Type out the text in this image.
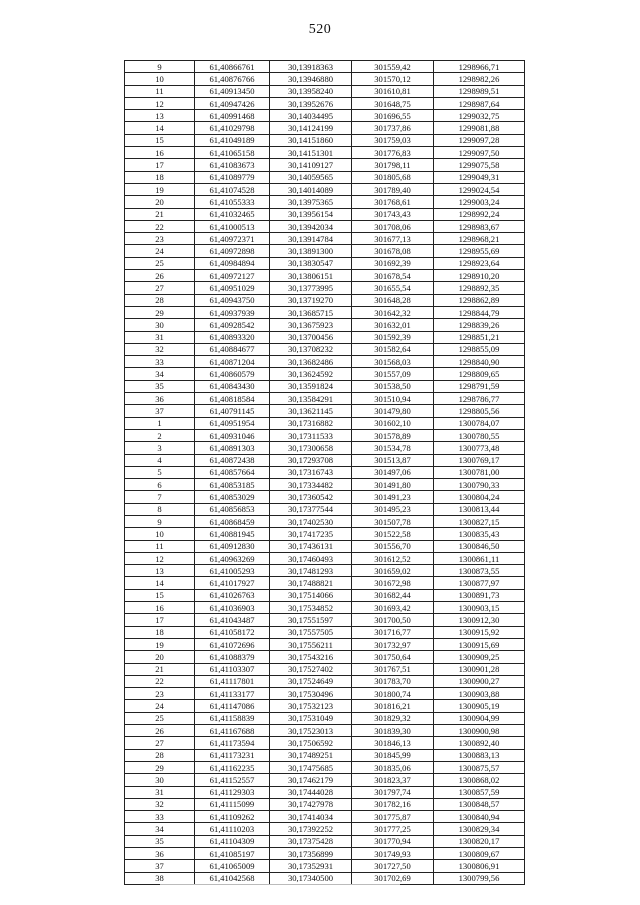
520
9	61,40866761	30,13918363	301559,42	1298966,71
10	61,40876766	30,13946880	301570,12	1298982,26
11	61,40913450	30,13958240	301610,81	1298989,51
12	61,40947426	30,13952676	301648,75	1298987,64
13	61,40991468	30,14034495	301696,55	1299032,75
14	61,41029798	30,14124199	301737,86	1299081,88
15	61,41049189	30,14151860	301759,03	1299097,28
16	61,41065158	30,14151301	301776,83	1299097,50
17	61,41083673	30,14109127	301798,11	1299075,58
18	61,41089779	30,14059565	301805,68	1299049,31
19	61,41074528	30,14014089	301789,40	1299024,54
20	61,41055333	30,13975365	301768,61	1299003,24
21	61,41032465	30,13956154	301743,43	1298992,24
22	61,41000513	30,13942034	301708,06	1298983,67
23	61,40972371	30,13914784	301677,13	1298968,21
24	61,40972898	30,13891300	301678,08	1298955,69
25	61,40984894	30,13830547	301692,39	1298923,64
26	61,40972127	30,13806151	301678,54	1298910,20
27	61,40951029	30,13773995	301655,54	1298892,35
28	61,40943750	30,13719270	301648,28	1298862,89
29	61,40937939	30,13685715	301642,32	1298844,79
30	61,40928542	30,13675923	301632,01	1298839,26
31	61,40893320	30,13700456	301592,39	1298851,21
32	61,40884677	30,13708232	301582,64	1298855,09
33	61,40871204	30,13682486	301568,03	1298840,90
34	61,40860579	30,13624592	301557,09	1298809,65
35	61,40843430	30,13591824	301538,50	1298791,59
36	61,40818584	30,13584291	301510,94	1298786,77
37	61,40791145	30,13621145	301479,80	1298805,56
1	61,40951954	30,17316882	301602,10	1300784,07
2	61,40931046	30,17311533	301578,89	1300780,55
3	61,40891303	30,17300658	301534,78	1300773,48
4	61,40872438	30,17293708	301513,87	1300769,17
5	61,40857664	30,17316743	301497,06	1300781,00
6	61,40853185	30,17334482	301491,80	1300790,33
7	61,40853029	30,17360542	301491,23	1300804,24
8	61,40856853	30,17377544	301495,23	1300813,44
9	61,40868459	30,17402530	301507,78	1300827,15
10	61,40881945	30,17417235	301522,58	1300835,43
11	61,40912830	30,17436131	301556,70	1300846,50
12	61,40963269	30,17460493	301612,52	1300861,11
13	61,41005293	30,17481293	301659,02	1300873,55
14	61,41017927	30,17488821	301672,98	1300877,97
15	61,41026763	30,17514066	301682,44	1300891,73
16	61,41036903	30,17534852	301693,42	1300903,15
17	61,41043487	30,17551597	301700,50	1300912,30
18	61,41058172	30,17557505	301716,77	1300915,92
19	61,41072696	30,17556211	301732,97	1300915,69
20	61,41088379	30,17543216	301750,64	1300909,25
21	61,41103307	30,17527402	301767,51	1300901,28
22	61,41117801	30,17524649	301783,70	1300900,27
23	61,41133177	30,17530496	301800,74	1300903,88
24	61,41147086	30,17532123	301816,21	1300905,19
25	61,41158839	30,17531049	301829,32	1300904,99
26	61,41167688	30,17523013	301839,30	1300900,98
27	61,41173594	30,17506592	301846,13	1300892,40
28	61,41173231	30,17489251	301845,99	1300883,13
29	61,41162235	30,17475685	301835,06	1300875,57
30	61,41152557	30,17462179	301823,37	1300868,02
31	61,41129303	30,17444028	301797,74	1300857,59
32	61,41115099	30,17427978	301782,16	1300848,57
33	61,41109262	30,17414034	301775,87	1300840,94
34	61,41110203	30,17392252	301777,25	1300829,34
35	61,41104309	30,17375428	301770,94	1300820,17
36	61,41085197	30,17356899	301749,93	1300809,67
37	61,41065009	30,17352931	301727,50	1300806,91
38	61,41042568	30,17340500	301702,69	1300799,56
